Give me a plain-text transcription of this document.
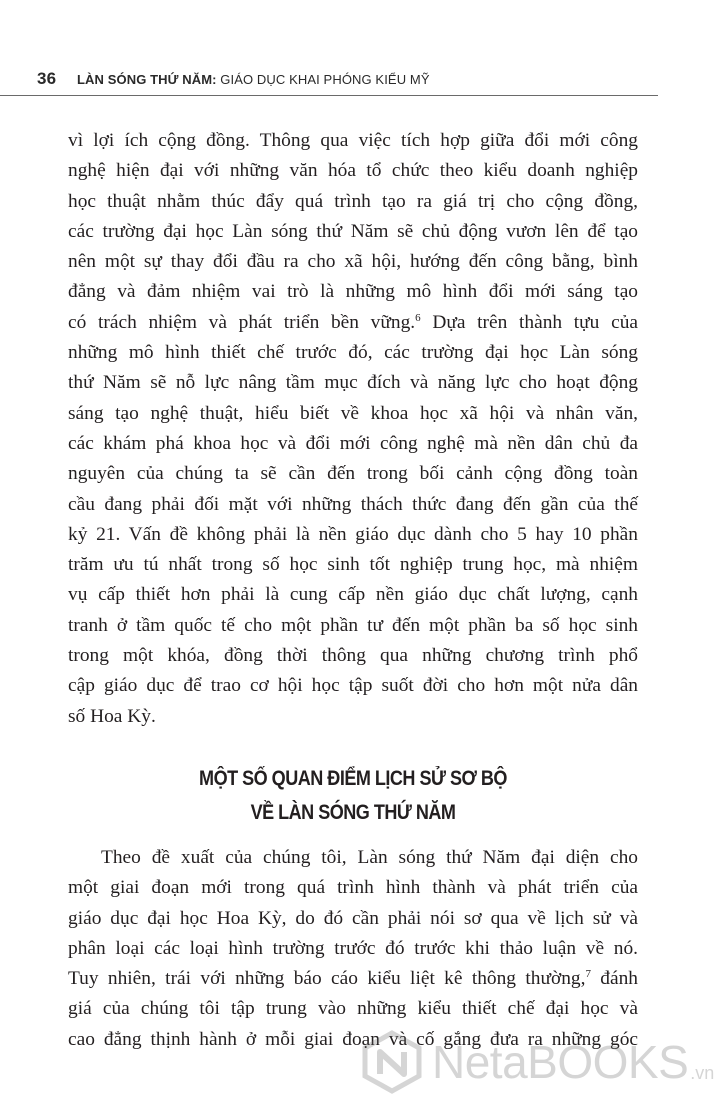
36	LÀN SÓNG THỨ NĂM: GIÁO DỤC KHAI PHÓNG KIỂU MỸ
vì lợi ích cộng đồng. Thông qua việc tích hợp giữa đổi mới công
nghệ hiện đại với những văn hóa tổ chức theo kiểu doanh nghiệp
học thuật nhằm thúc đẩy quá trình tạo ra giá trị cho cộng đồng,
các trường đại học Làn sóng thứ Năm sẽ chủ động vươn lên để tạo
nên một sự thay đổi đầu ra cho xã hội, hướng đến công bằng, bình
đẳng và đảm nhiệm vai trò là những mô hình đổi mới sáng tạo
có trách nhiệm và phát triển bền vững.$^6$ Dựa trên thành tựu của
những mô hình thiết chế trước đó, các trường đại học Làn sóng
thứ Năm sẽ nỗ lực nâng tầm mục đích và năng lực cho hoạt động
sáng tạo nghệ thuật, hiểu biết về khoa học xã hội và nhân văn,
các khám phá khoa học và đổi mới công nghệ mà nền dân chủ đa
nguyên của chúng ta sẽ cần đến trong bối cảnh cộng đồng toàn
cầu đang phải đối mặt với những thách thức đang đến gần của thế
kỷ 21. Vấn đề không phải là nền giáo dục dành cho 5 hay 10 phần
trăm ưu tú nhất trong số học sinh tốt nghiệp trung học, mà nhiệm
vụ cấp thiết hơn phải là cung cấp nền giáo dục chất lượng, cạnh
tranh ở tầm quốc tế cho một phần tư đến một phần ba số học sinh
trong một khóa, đồng thời thông qua những chương trình phổ
cập giáo dục để trao cơ hội học tập suốt đời cho hơn một nửa dân
số Hoa Kỳ.
MỘT SỐ QUAN ĐIỂM LỊCH SỬ SƠ BỘ
VỀ LÀN SÓNG THỨ NĂM
Theo đề xuất của chúng tôi, Làn sóng thứ Năm đại diện cho
một giai đoạn mới trong quá trình hình thành và phát triển của
giáo dục đại học Hoa Kỳ, do đó cần phải nói sơ qua về lịch sử và
phân loại các loại hình trường trước đó trước khi thảo luận về nó.
Tuy nhiên, trái với những báo cáo kiểu liệt kê thông thường,$^7$ đánh
giá của chúng tôi tập trung vào những kiểu thiết chế đại học và
cao đẳng thịnh hành ở mỗi giai đoạn và cố gắng đưa ra những góc
NetaBOOKS .vn
